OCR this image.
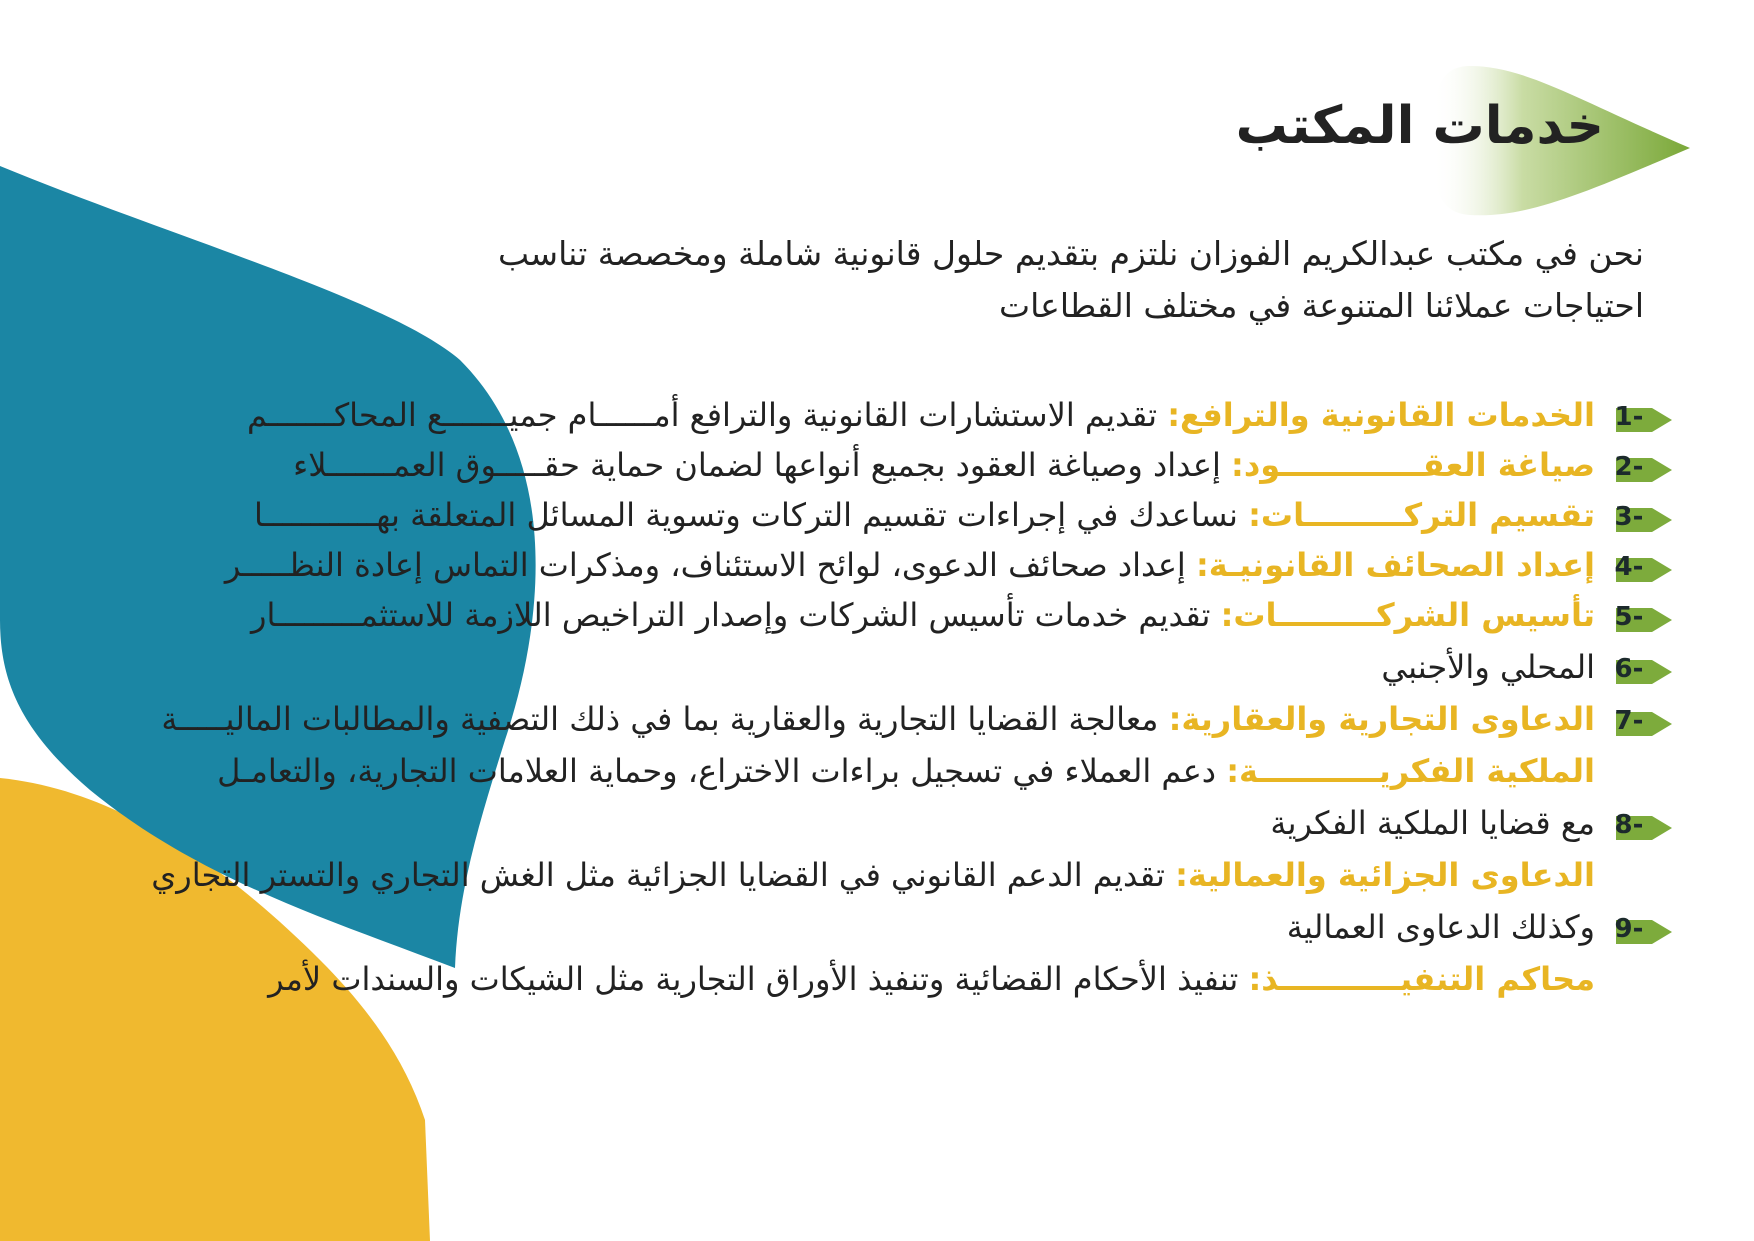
خدمات المكتب
نحن في مكتب عبدالكريم الفوزان نلتزم بتقديم حلول قانونية شاملة ومخصصة تناسب
احتياجات عملائنا المتنوعة في مختلف القطاعات
الخدمات القانونية والترافع: تقديم الاستشارات القانونية والترافع أمــــــام جميـــــــع المحاكـــــــم
صياغة العقـــــــــــــود: إعداد وصياغة العقود بجميع أنواعها لضمان حماية حقـــــوق العمـــــــلاء
تقسيم التركـــــــــات: نساعدك في إجراءات تقسيم التركات وتسوية المسائل المتعلقة بهــــــــــــا
إعداد الصحائف القانونيـة: إعداد صحائف الدعوى، لوائح الاستئناف، ومذكرات التماس إعادة النظـــــر
تأسيس الشركـــــــــات: تقديم خدمات تأسيس الشركات وإصدار التراخيص اللازمة للاستثمـــــــــار
المحلي والأجنبي
الدعاوى التجارية والعقارية: معالجة القضايا التجارية والعقارية بما في ذلك التصفية والمطالبات الماليـــــة
الملكية الفكريـــــــــــة: دعم العملاء في تسجيل براءات الاختراع، وحماية العلامات التجارية، والتعامـل
مع قضايا الملكية الفكرية
الدعاوى الجزائية والعمالية: تقديم الدعم القانوني في القضايا الجزائية مثل الغش التجاري والتستر التجاري
وكذلك الدعاوى العمالية
محاكم التنفيـــــــــــذ: تنفيذ الأحكام القضائية وتنفيذ الأوراق التجارية مثل الشيكات والسندات لأمر
1-
2-
3-
4-
5-
6-
7-
8-
9-
